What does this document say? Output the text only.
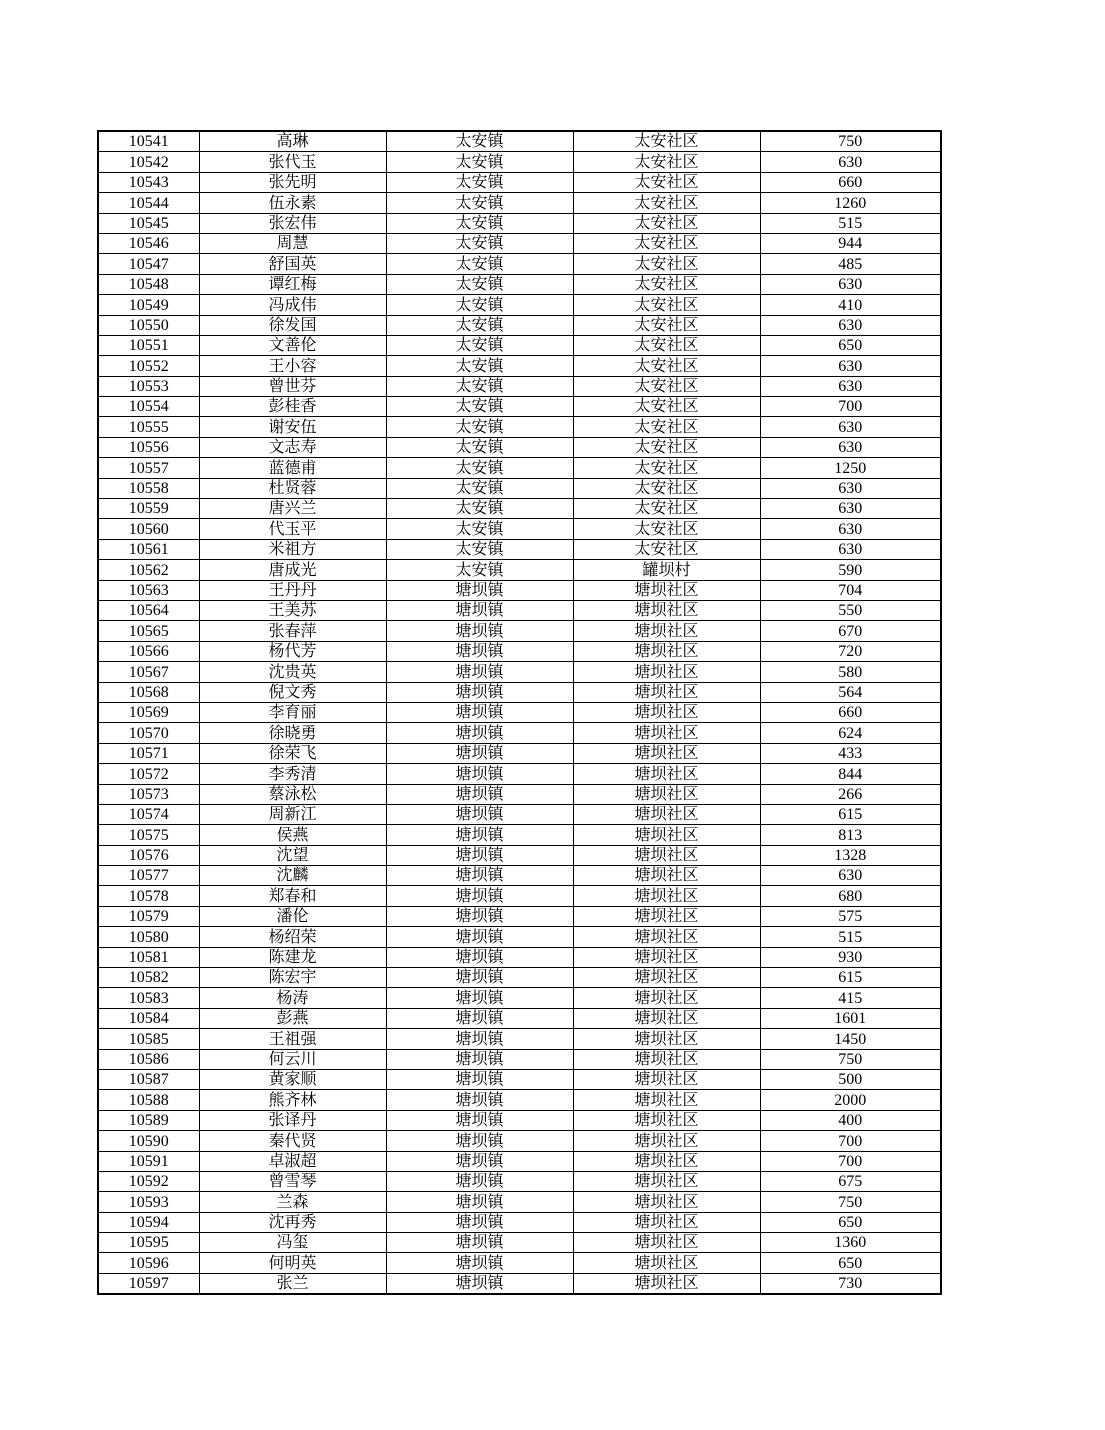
10541	高琳	太安镇	太安社区	750
10542	张代玉	太安镇	太安社区	630
10543	张先明	太安镇	太安社区	660
10544	伍永素	太安镇	太安社区	1260
10545	张宏伟	太安镇	太安社区	515
10546	周慧	太安镇	太安社区	944
10547	舒国英	太安镇	太安社区	485
10548	谭红梅	太安镇	太安社区	630
10549	冯成伟	太安镇	太安社区	410
10550	徐发国	太安镇	太安社区	630
10551	文善伦	太安镇	太安社区	650
10552	王小容	太安镇	太安社区	630
10553	曾世芬	太安镇	太安社区	630
10554	彭桂香	太安镇	太安社区	700
10555	谢安伍	太安镇	太安社区	630
10556	文志寿	太安镇	太安社区	630
10557	蓝德甫	太安镇	太安社区	1250
10558	杜贤蓉	太安镇	太安社区	630
10559	唐兴兰	太安镇	太安社区	630
10560	代玉平	太安镇	太安社区	630
10561	米祖方	太安镇	太安社区	630
10562	唐成光	太安镇	罐坝村	590
10563	王丹丹	塘坝镇	塘坝社区	704
10564	王美苏	塘坝镇	塘坝社区	550
10565	张春萍	塘坝镇	塘坝社区	670
10566	杨代芳	塘坝镇	塘坝社区	720
10567	沈贵英	塘坝镇	塘坝社区	580
10568	倪文秀	塘坝镇	塘坝社区	564
10569	李育丽	塘坝镇	塘坝社区	660
10570	徐晓勇	塘坝镇	塘坝社区	624
10571	徐荣飞	塘坝镇	塘坝社区	433
10572	李秀清	塘坝镇	塘坝社区	844
10573	蔡泳松	塘坝镇	塘坝社区	266
10574	周新江	塘坝镇	塘坝社区	615
10575	侯燕	塘坝镇	塘坝社区	813
10576	沈望	塘坝镇	塘坝社区	1328
10577	沈麟	塘坝镇	塘坝社区	630
10578	郑春和	塘坝镇	塘坝社区	680
10579	潘伦	塘坝镇	塘坝社区	575
10580	杨绍荣	塘坝镇	塘坝社区	515
10581	陈建龙	塘坝镇	塘坝社区	930
10582	陈宏宇	塘坝镇	塘坝社区	615
10583	杨涛	塘坝镇	塘坝社区	415
10584	彭燕	塘坝镇	塘坝社区	1601
10585	王祖强	塘坝镇	塘坝社区	1450
10586	何云川	塘坝镇	塘坝社区	750
10587	黄家顺	塘坝镇	塘坝社区	500
10588	熊齐林	塘坝镇	塘坝社区	2000
10589	张译丹	塘坝镇	塘坝社区	400
10590	秦代贤	塘坝镇	塘坝社区	700
10591	卓淑超	塘坝镇	塘坝社区	700
10592	曾雪琴	塘坝镇	塘坝社区	675
10593	兰森	塘坝镇	塘坝社区	750
10594	沈再秀	塘坝镇	塘坝社区	650
10595	冯玺	塘坝镇	塘坝社区	1360
10596	何明英	塘坝镇	塘坝社区	650
10597	张兰	塘坝镇	塘坝社区	730
